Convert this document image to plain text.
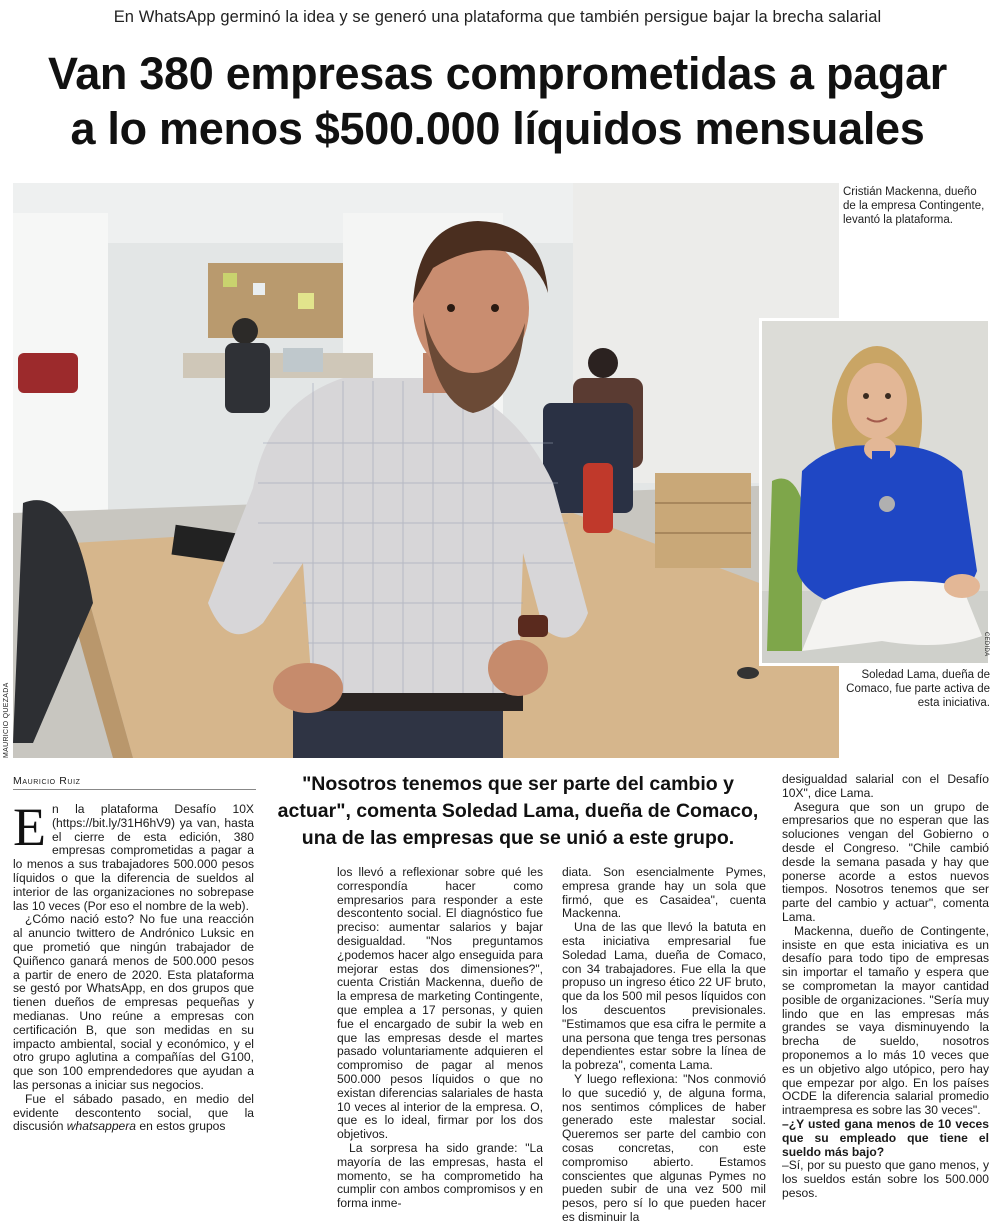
En WhatsApp germinó la idea y se generó una plataforma que también persigue bajar la brecha salarial
Van 380 empresas comprometidas a pagar
a lo menos $500.000 líquidos mensuales
MAURICIO QUEZADA
CEDIDA
Cristián Mackenna, dueño de la empresa Contingente, levantó la plataforma.
Soledad Lama, dueña de Comaco, fue parte activa de esta iniciativa.
Mauricio Ruiz	"Nosotros tenemos que ser parte del cambio y actuar", comenta Soledad Lama, dueña de Comaco, una de las empresas que se unió a este grupo.

En la plataforma Desafío 10X (https://bit.ly/31H6hV9) ya van, hasta el cierre de esta edición, 380 empresas comprometidas a pagar a lo menos a sus trabajadores 500.000 pesos líquidos o que la diferencia de sueldos al interior de las organizaciones no sobrepase las 10 veces (Por eso el nombre de la web).

¿Cómo nació esto? No fue una reacción al anuncio twittero de Andrónico Luksic en que prometió que ningún trabajador de Quiñenco ganará menos de 500.000 pesos a partir de enero de 2020. Esta plataforma se gestó por WhatsApp, en dos grupos que tienen dueños de empresas pequeñas y medianas. Uno reúne a empresas con certificación B, que son medidas en su impacto ambiental, social y económico, y el otro grupo aglutina a compañías del G100, que son 100 emprendedores que ayudan a las personas a iniciar sus negocios.

Fue el sábado pasado, en medio del evidente descontento social, que la discusión whatsappera en estos grupos

los llevó a reflexionar sobre qué les correspondía hacer como empresarios para responder a este descontento social. El diagnóstico fue preciso: aumentar salarios y bajar desigualdad. "Nos preguntamos ¿podemos hacer algo enseguida para mejorar estas dos dimensiones?", cuenta Cristián Mackenna, dueño de la empresa de marketing Contingente, que emplea a 17 personas, y quien fue el encargado de subir la web en que las empresas desde el martes pasado voluntariamente adquieren el compromiso de pagar al menos 500.000 pesos líquidos o que no existan diferencias salariales de hasta 10 veces al interior de la empresa. O, que es lo ideal, firmar por los dos objetivos.

La sorpresa ha sido grande: "La mayoría de las empresas, hasta el momento, se ha comprometido ha cumplir con ambos compromisos y en forma inme-

diata. Son esencialmente Pymes, empresa grande hay un sola que firmó, que es Casaidea", cuenta Mackenna.

Una de las que llevó la batuta en esta iniciativa empresarial fue Soledad Lama, dueña de Comaco, con 34 trabajadores. Fue ella la que propuso un ingreso ético 22 UF bruto, que da los 500 mil pesos líquidos con los descuentos previsionales. "Estimamos que esa cifra le permite a una persona que tenga tres personas dependientes estar sobre la línea de la pobreza", comenta Lama.

Y luego reflexiona: "Nos conmovió lo que sucedió y, de alguna forma, nos sentimos cómplices de haber generado este malestar social. Queremos ser parte del cambio con cosas concretas, con este compromiso abierto. Estamos conscientes que algunas Pymes no pueden subir de una vez 500 mil pesos, pero sí lo que pueden hacer es disminuir la

desigualdad salarial con el Desafío 10X", dice Lama.

Asegura que son un grupo de empresarios que no esperan que las soluciones vengan del Gobierno o desde el Congreso. "Chile cambió desde la semana pasada y hay que ponerse acorde a estos nuevos tiempos. Nosotros tenemos que ser parte del cambio y actuar", comenta Lama.

Mackenna, dueño de Contingente, insiste en que esta iniciativa es un desafío para todo tipo de empresas sin importar el tamaño y espera que se comprometan la mayor cantidad posible de organizaciones. "Sería muy lindo que en las empresas más grandes se vaya disminuyendo la brecha de sueldo, nosotros proponemos a lo más 10 veces que es un objetivo algo utópico, pero hay que empezar por algo. En los países OCDE la diferencia salarial promedio intraempresa es sobre las 30 veces".

–¿Y usted gana menos de 10 veces que su empleado que tiene el sueldo más bajo?

–Sí, por su puesto que gano menos, y los sueldos están sobre los 500.000 pesos.
